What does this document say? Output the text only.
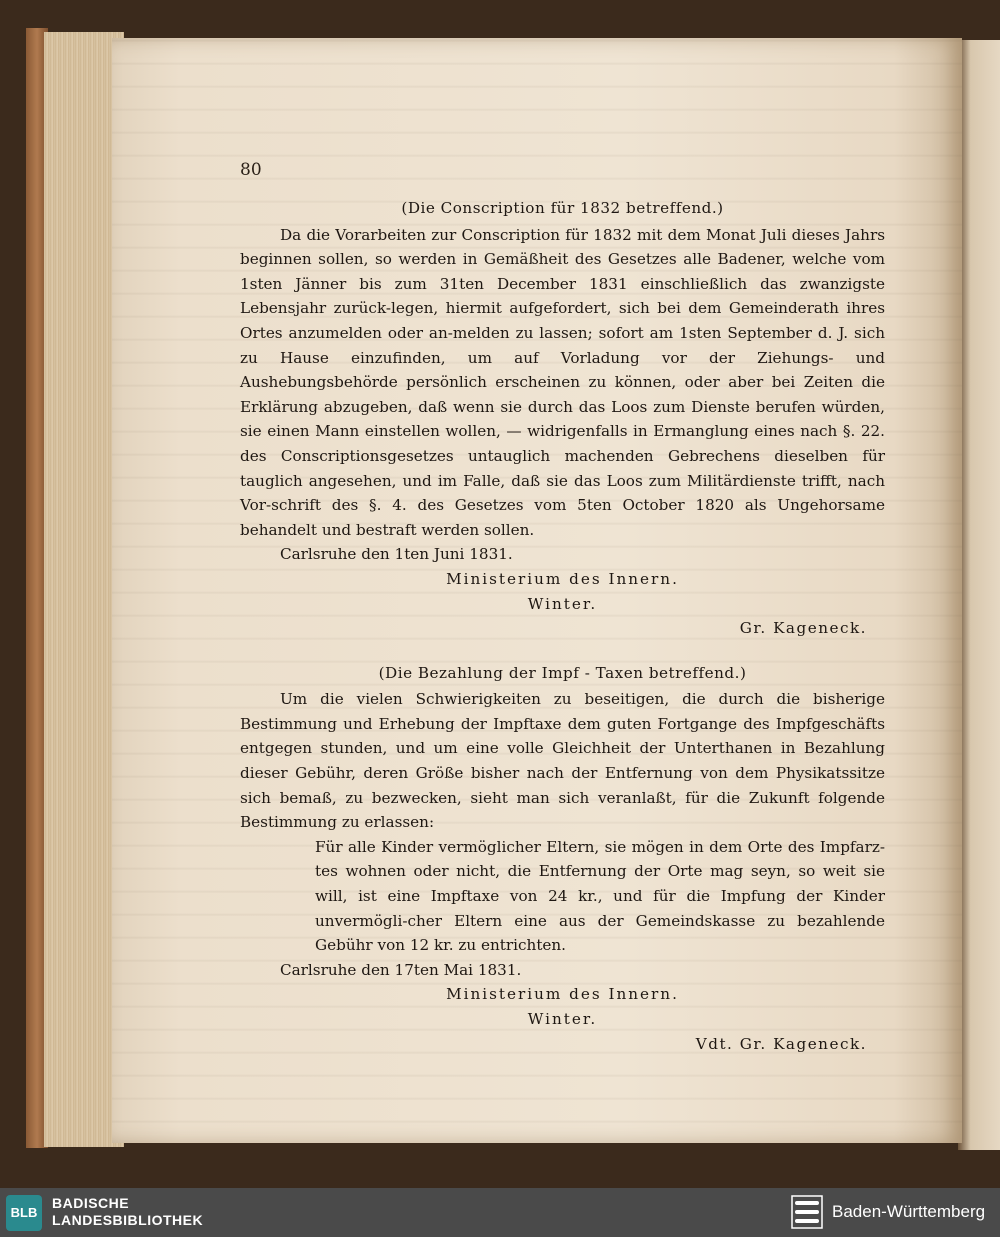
80

(Die Conscription für 1832 betreffend.)

Da die Vorarbeiten zur Conscription für 1832 mit dem Monat Juli dieses Jahrs beginnen sollen, so werden in Gemäßheit des Gesetzes alle Badener, welche vom 1sten Jänner bis zum 31ten December 1831 einschließlich das zwanzigste Lebensjahr zurück-legen, hiermit aufgefordert, sich bei dem Gemeinderath ihres Ortes anzumelden oder an-melden zu lassen; sofort am 1sten September d. J. sich zu Hause einzufinden, um auf Vorladung vor der Ziehungs- und Aushebungsbehörde persönlich erscheinen zu können, oder aber bei Zeiten die Erklärung abzugeben, daß wenn sie durch das Loos zum Dienste berufen würden, sie einen Mann einstellen wollen, — widrigenfalls in Ermanglung eines nach §. 22. des Conscriptionsgesetzes untauglich machenden Gebrechens dieselben für tauglich angesehen, und im Falle, daß sie das Loos zum Militärdienste trifft, nach Vor-schrift des §. 4. des Gesetzes vom 5ten October 1820 als Ungehorsame behandelt und bestraft werden sollen.

Carlsruhe den 1ten Juni 1831.

Ministerium des Innern.

Winter.

Gr. Kageneck.

(Die Bezahlung der Impf - Taxen betreffend.)

Um die vielen Schwierigkeiten zu beseitigen, die durch die bisherige Bestimmung und Erhebung der Impftaxe dem guten Fortgange des Impfgeschäfts entgegen stunden, und um eine volle Gleichheit der Unterthanen in Bezahlung dieser Gebühr, deren Größe bisher nach der Entfernung von dem Physikatssitze sich bemaß, zu bezwecken, sieht man sich veranlaßt, für die Zukunft folgende Bestimmung zu erlassen:

Für alle Kinder vermöglicher Eltern, sie mögen in dem Orte des Impfarz-tes wohnen oder nicht, die Entfernung der Orte mag seyn, so weit sie will, ist eine Impftaxe von 24 kr., und für die Impfung der Kinder unvermögli-cher Eltern eine aus der Gemeindskasse zu bezahlende Gebühr von 12 kr. zu entrichten.

Carlsruhe den 17ten Mai 1831.

Ministerium des Innern.

Winter.

Vdt. Gr. Kageneck.

BLB
BADISCHE
LANDESBIBLIOTHEK	Baden-Württemberg
